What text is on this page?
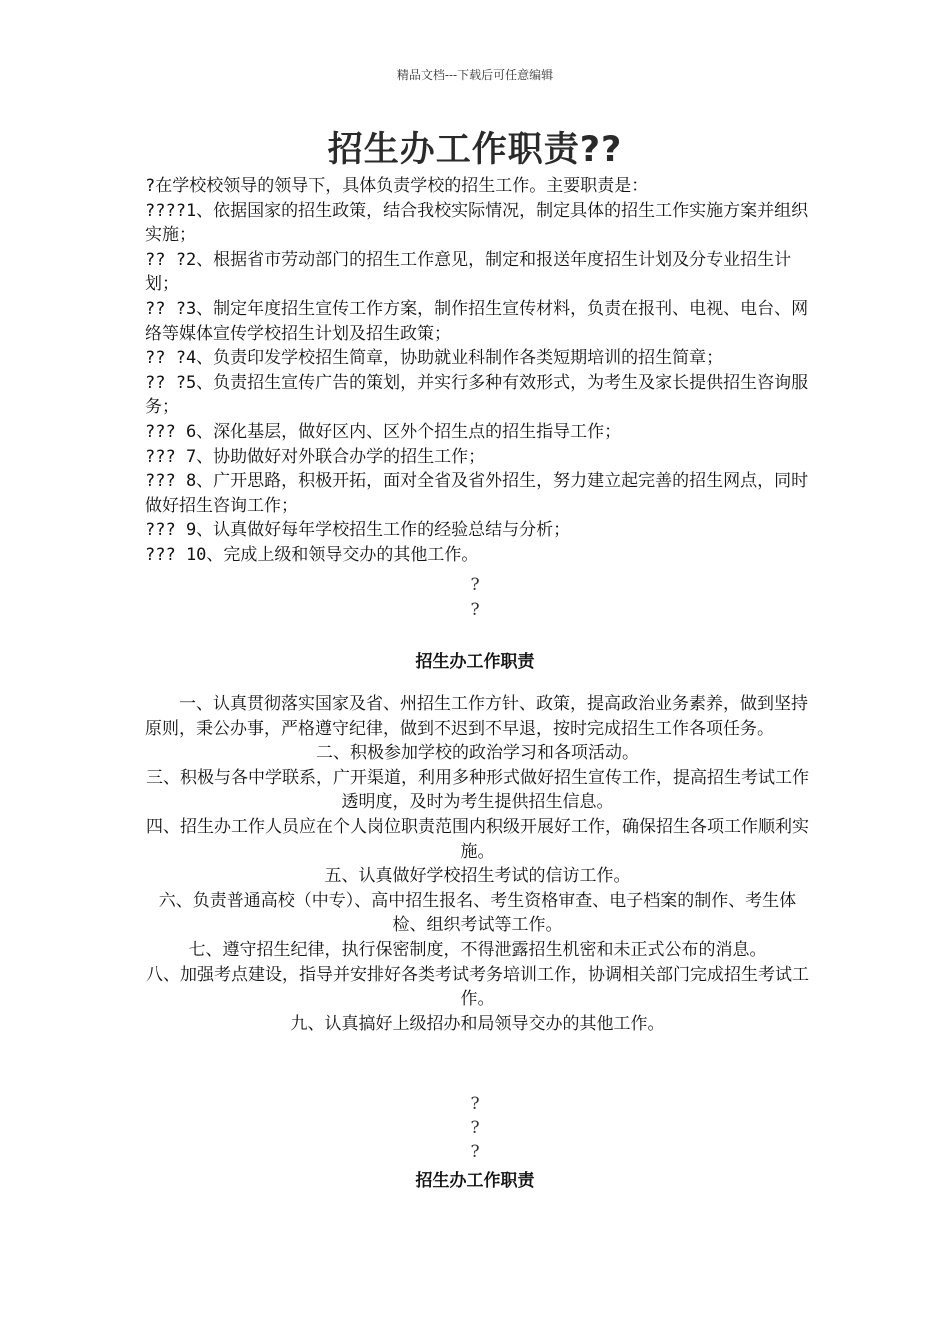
精品文档---下载后可任意编辑
招生办工作职责??

?在学校校领导的领导下，具体负责学校的招生工作。主要职责是：

????1、依据国家的招生政策，结合我校实际情况，制定具体的招生工作实施方案并组织实施；

?? ?2、根据省市劳动部门的招生工作意见，制定和报送年度招生计划及分专业招生计划；

?? ?3、制定年度招生宣传工作方案，制作招生宣传材料，负责在报刊、电视、电台、网络等媒体宣传学校招生计划及招生政策；

?? ?4、负责印发学校招生简章，协助就业科制作各类短期培训的招生简章；

?? ?5、负责招生宣传广告的策划，并实行多种有效形式，为考生及家长提供招生咨询服务；

??? 6、深化基层，做好区内、区外个招生点的招生指导工作；

??? 7、协助做好对外联合办学的招生工作；

??? 8、广开思路，积极开拓，面对全省及省外招生，努力建立起完善的招生网点，同时做好招生咨询工作；

??? 9、认真做好每年学校招生工作的经验总结与分析；

??? 10、完成上级和领导交办的其他工作。

?
?
招生办工作职责

一、认真贯彻落实国家及省、州招生工作方针、政策，提高政治业务素养，做到坚持原则，秉公办事，严格遵守纪律，做到不迟到不早退，按时完成招生工作各项任务。

二、积极参加学校的政治学习和各项活动。

三、积极与各中学联系，广开渠道，利用多种形式做好招生宣传工作，提高招生考试工作透明度，及时为考生提供招生信息。

四、招生办工作人员应在个人岗位职责范围内积级开展好工作，确保招生各项工作顺利实施。

五、认真做好学校招生考试的信访工作。

六、负责普通高校（中专）、高中招生报名、考生资格审查、电子档案的制作、考生体检、组织考试等工作。

七、遵守招生纪律，执行保密制度，不得泄露招生机密和未正式公布的消息。

八、加强考点建设，指导并安排好各类考试考务培训工作，协调相关部门完成招生考试工作。

九、认真搞好上级招办和局领导交办的其他工作。

?
?
?
招生办工作职责
